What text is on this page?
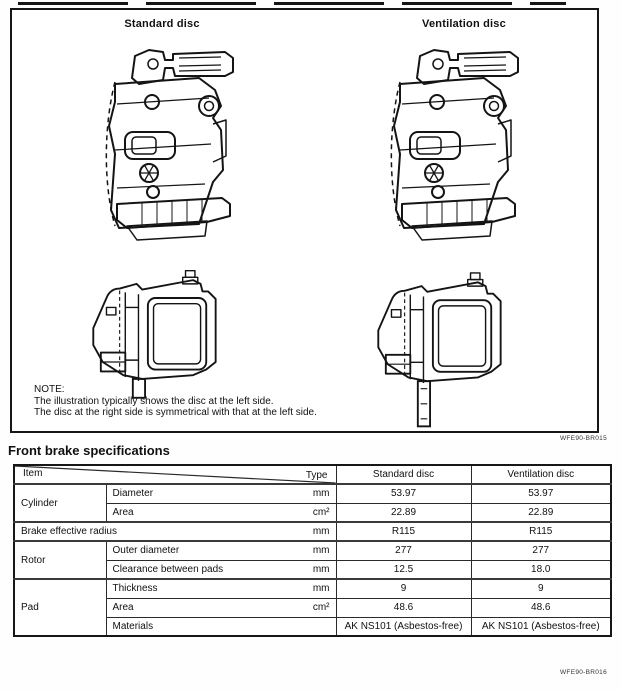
Standard disc	Ventilation disc
NOTE:
The illustration typically shows the disc at the left side.
The disc at the right side is symmetrical with that at the left side.
WFE90-BR015
Front brake specifications
Type
Item		Standard disc	Ventilation disc
Cylinder	Diameter mm	53.97	53.97

	Area cm²	22.89	22.89

Brake effective radius mm		R115	R115
Rotor	Outer diameter mm	277	277

	Clearance between pads mm	12.5	18.0
Pad	Thickness mm	9	9

	Area cm²	48.6	48.6

	Materials	AK NS101 (Asbestos-free)	AK NS101 (Asbestos-free)
WFE90-BR016
